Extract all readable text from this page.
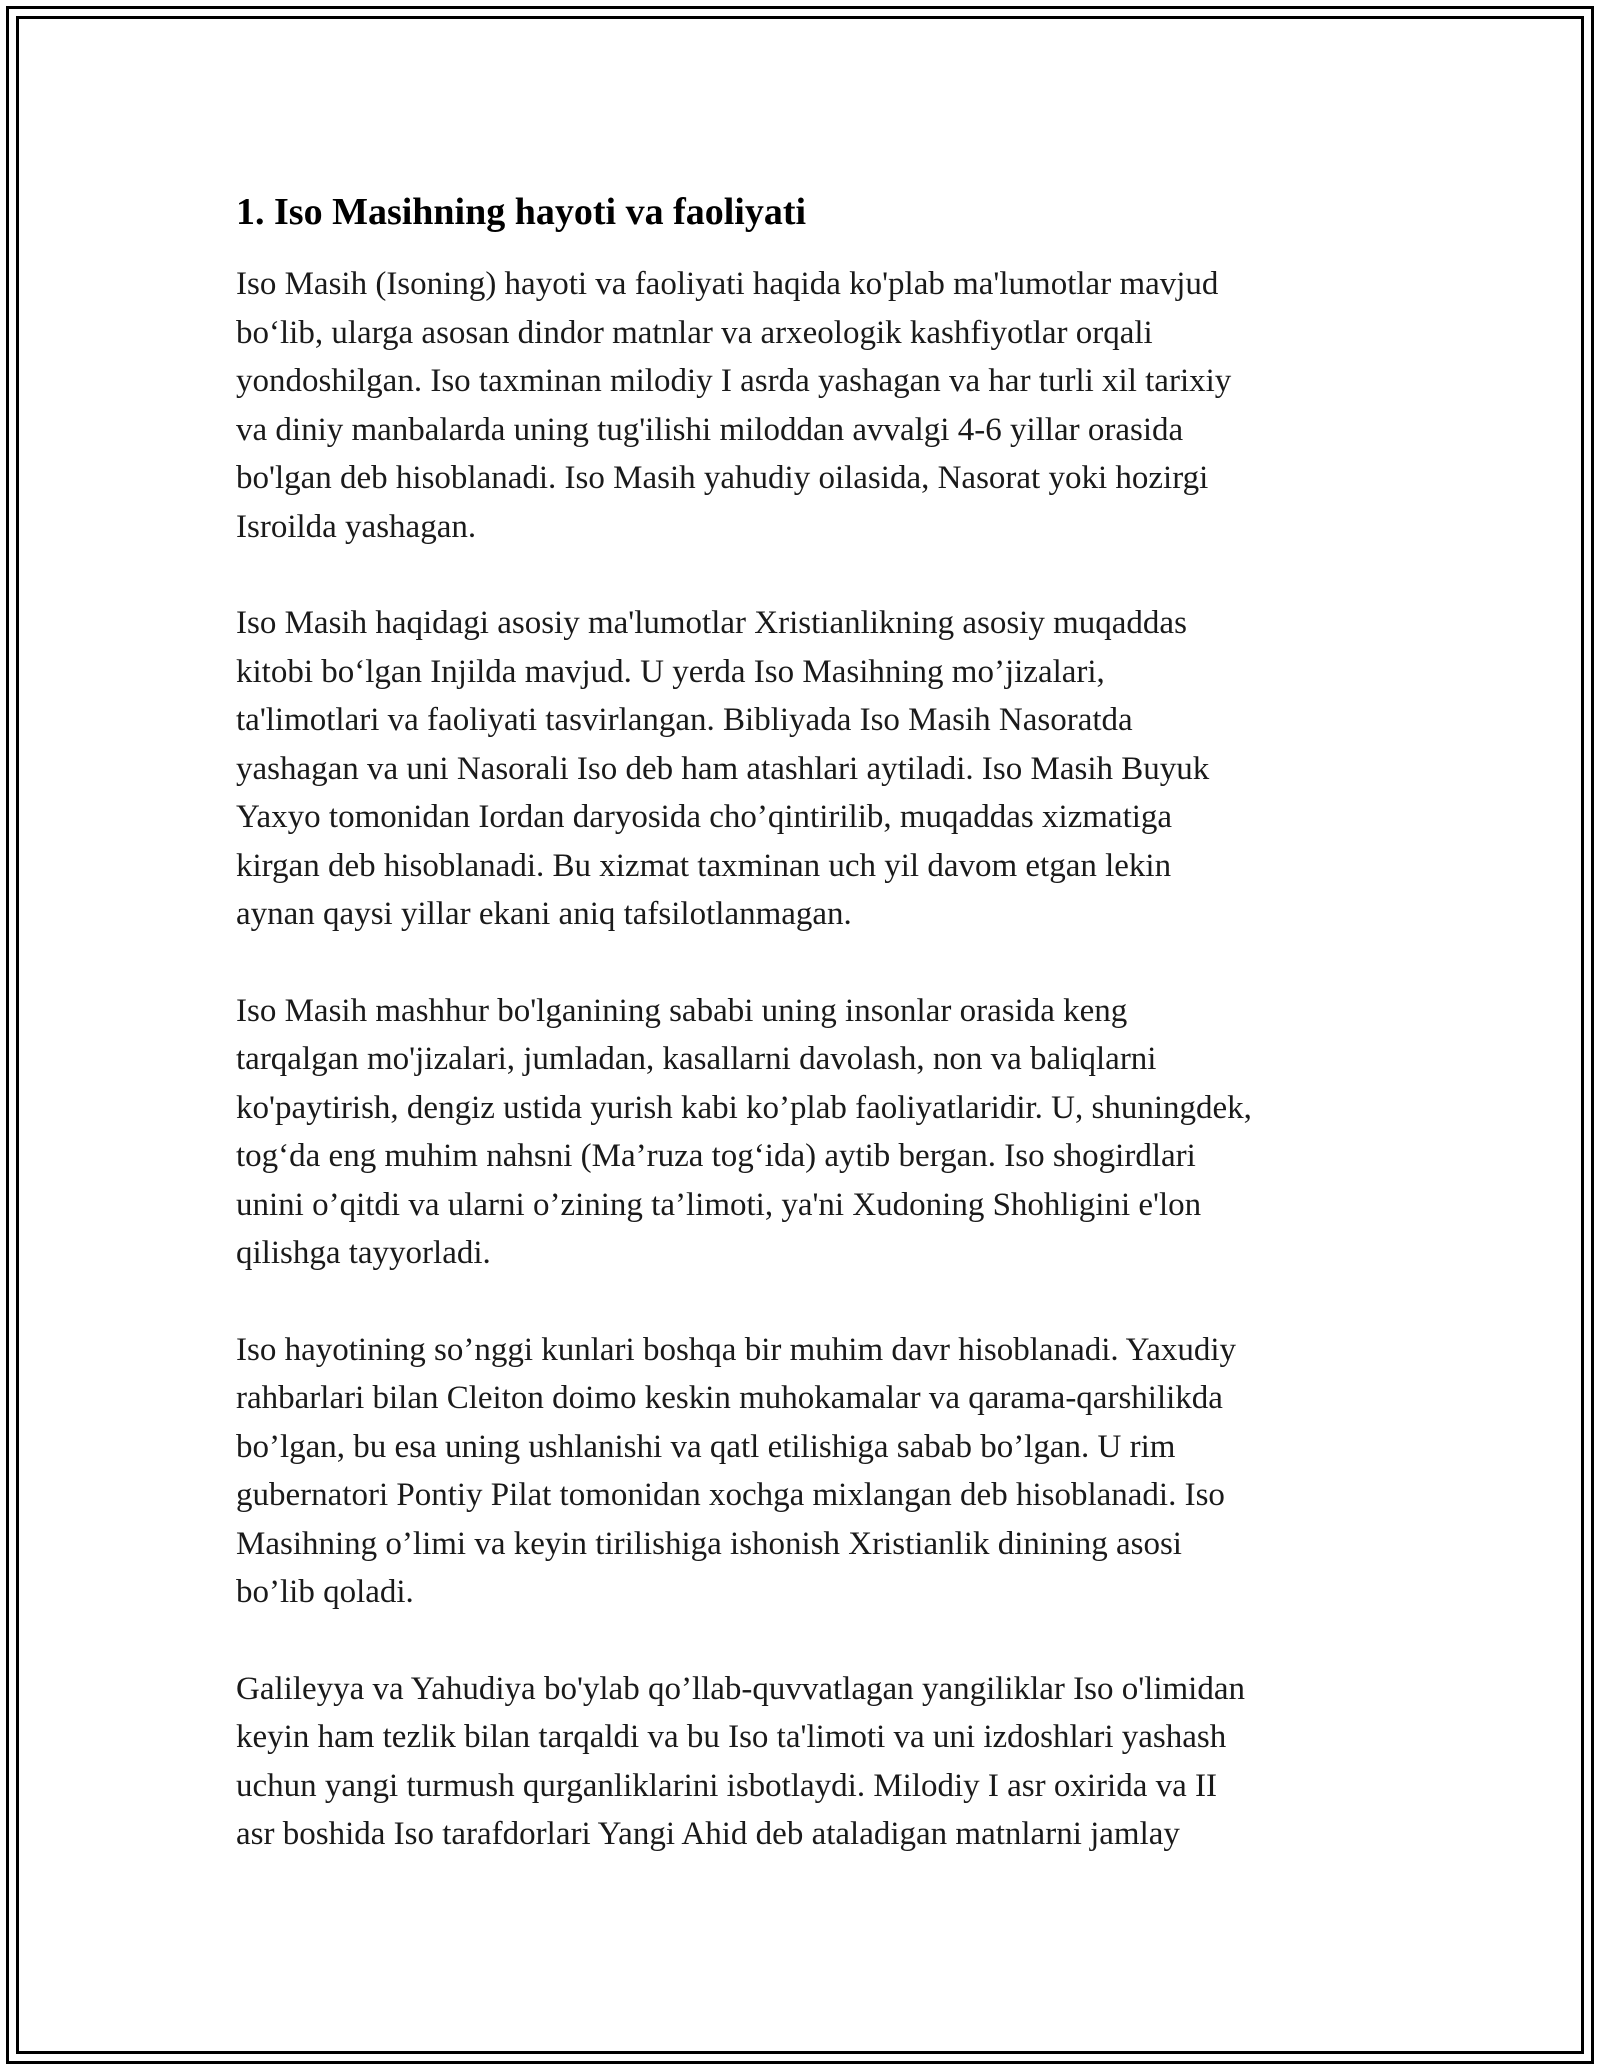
1. Iso Masihning hayoti va faoliyati

Iso Masih (Isoning) hayoti va faoliyati haqida ko'plab ma'lumotlar mavjud
bo‘lib, ularga asosan dindor matnlar va arxeologik kashfiyotlar orqali
yondoshilgan. Iso taxminan milodiy I asrda yashagan va har turli xil tarixiy
va diniy manbalarda uning tug'ilishi miloddan avvalgi 4-6 yillar orasida
bo'lgan deb hisoblanadi. Iso Masih yahudiy oilasida, Nasorat yoki hozirgi
Isroilda yashagan.

Iso Masih haqidagi asosiy ma'lumotlar Xristianlikning asosiy muqaddas
kitobi bo‘lgan Injilda mavjud. U yerda Iso Masihning mo’jizalari,
ta'limotlari va faoliyati tasvirlangan. Bibliyada Iso Masih Nasoratda
yashagan va uni Nasorali Iso deb ham atashlari aytiladi. Iso Masih Buyuk
Yaxyo tomonidan Iordan daryosida cho’qintirilib, muqaddas xizmatiga
kirgan deb hisoblanadi. Bu xizmat taxminan uch yil davom etgan lekin
aynan qaysi yillar ekani aniq tafsilotlanmagan.

Iso Masih mashhur bo'lganining sababi uning insonlar orasida keng
tarqalgan mo'jizalari, jumladan, kasallarni davolash, non va baliqlarni
ko'paytirish, dengiz ustida yurish kabi ko’plab faoliyatlaridir. U, shuningdek,
tog‘da eng muhim nahsni (Ma’ruza tog‘ida) aytib bergan. Iso shogirdlari
unini o’qitdi va ularni o’zining ta’limoti, ya'ni Xudoning Shohligini e'lon
qilishga tayyorladi.

Iso hayotining so’nggi kunlari boshqa bir muhim davr hisoblanadi. Yaxudiy
rahbarlari bilan Cleiton doimo keskin muhokamalar va qarama-qarshilikda
bo’lgan, bu esa uning ushlanishi va qatl etilishiga sabab bo’lgan. U rim
gubernatori Pontiy Pilat tomonidan xochga mixlangan deb hisoblanadi. Iso
Masihning o’limi va keyin tirilishiga ishonish Xristianlik dinining asosi
bo’lib qoladi.

Galileyya va Yahudiya bo'ylab qo’llab-quvvatlagan yangiliklar Iso o'limidan
keyin ham tezlik bilan tarqaldi va bu Iso ta'limoti va uni izdoshlari yashash
uchun yangi turmush qurganliklarini isbotlaydi. Milodiy I asr oxirida va II
asr boshida Iso tarafdorlari Yangi Ahid deb ataladigan matnlarni jamlay
